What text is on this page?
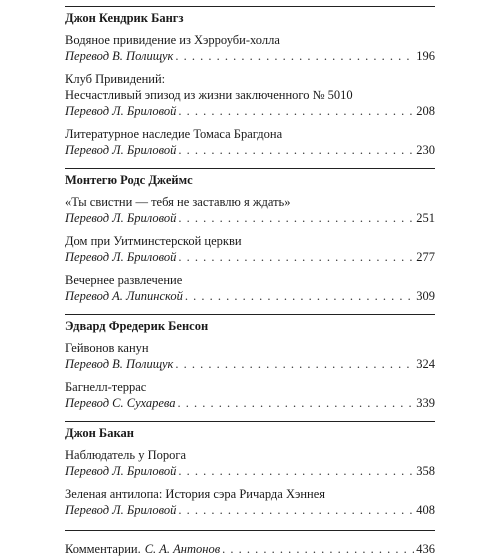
Джон Кендрик Бангз
Водяное привидение из Хэрроуби-холла
Перевод В. Полищук . . .	196
Клуб Привидений:
Несчастливый эпизод из жизни заключенного № 5010
Перевод Л. Бриловой . . .	208
Литературное наследие Томаса Брагдона
Перевод Л. Бриловой . . .	230
Монтегю Родс Джеймс
«Ты свистни — тебя не заставлю я ждать»
Перевод Л. Бриловой . . .	251
Дом при Уитминстерской церкви
Перевод Л. Бриловой . . .	277
Вечернее развлечение
Перевод А. Липинской . . .	309
Эдвард Фредерик Бенсон
Гейвонов канун
Перевод В. Полищук . . .	324
Багнелл-террас
Перевод С. Сухарева . . .	339
Джон Бакан
Наблюдатель у Порога
Перевод Л. Бриловой . . .	358
Зеленая антилопа: История сэра Ричарда Хэннея
Перевод Л. Бриловой . . .	408
Комментарии. С. А. Антонов . . .	436
